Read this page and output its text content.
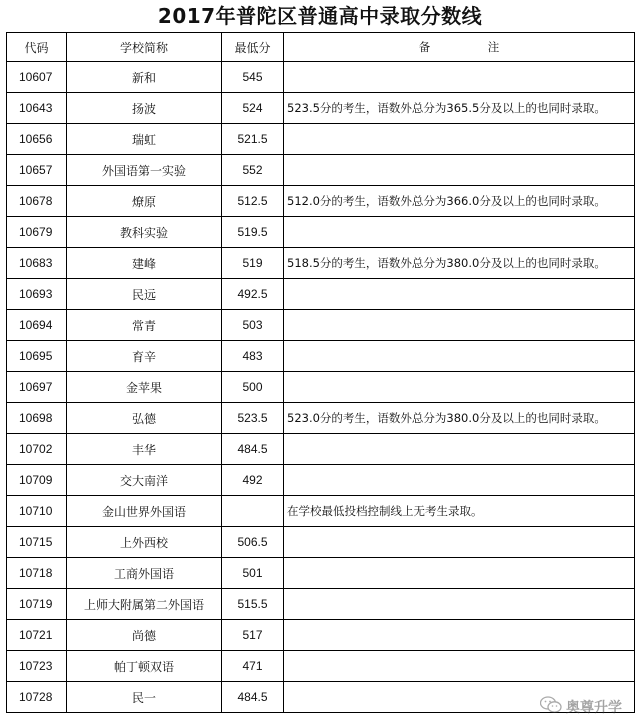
2017年普陀区普通高中录取分数线
代码	学校简称	最低分	备　　　　　注
10607	新和	545	
10643	扬波	524	523.5分的考生，语数外总分为365.5分及以上的也同时录取。
10656	瑞虹	521.5	
10657	外国语第一实验	552	
10678	燎原	512.5	512.0分的考生，语数外总分为366.0分及以上的也同时录取。
10679	教科实验	519.5	
10683	建峰	519	518.5分的考生，语数外总分为380.0分及以上的也同时录取。
10693	民远	492.5	
10694	常青	503	
10695	育辛	483	
10697	金苹果	500	
10698	弘德	523.5	523.0分的考生，语数外总分为380.0分及以上的也同时录取。
10702	丰华	484.5	
10709	交大南洋	492	
10710	金山世界外国语		在学校最低投档控制线上无考生录取。
10715	上外西校	506.5	
10718	工商外国语	501	
10719	上师大附属第二外国语	515.5	
10721	尚德	517	
10723	帕丁顿双语	471	
10728	民一	484.5	
奥尊升学
